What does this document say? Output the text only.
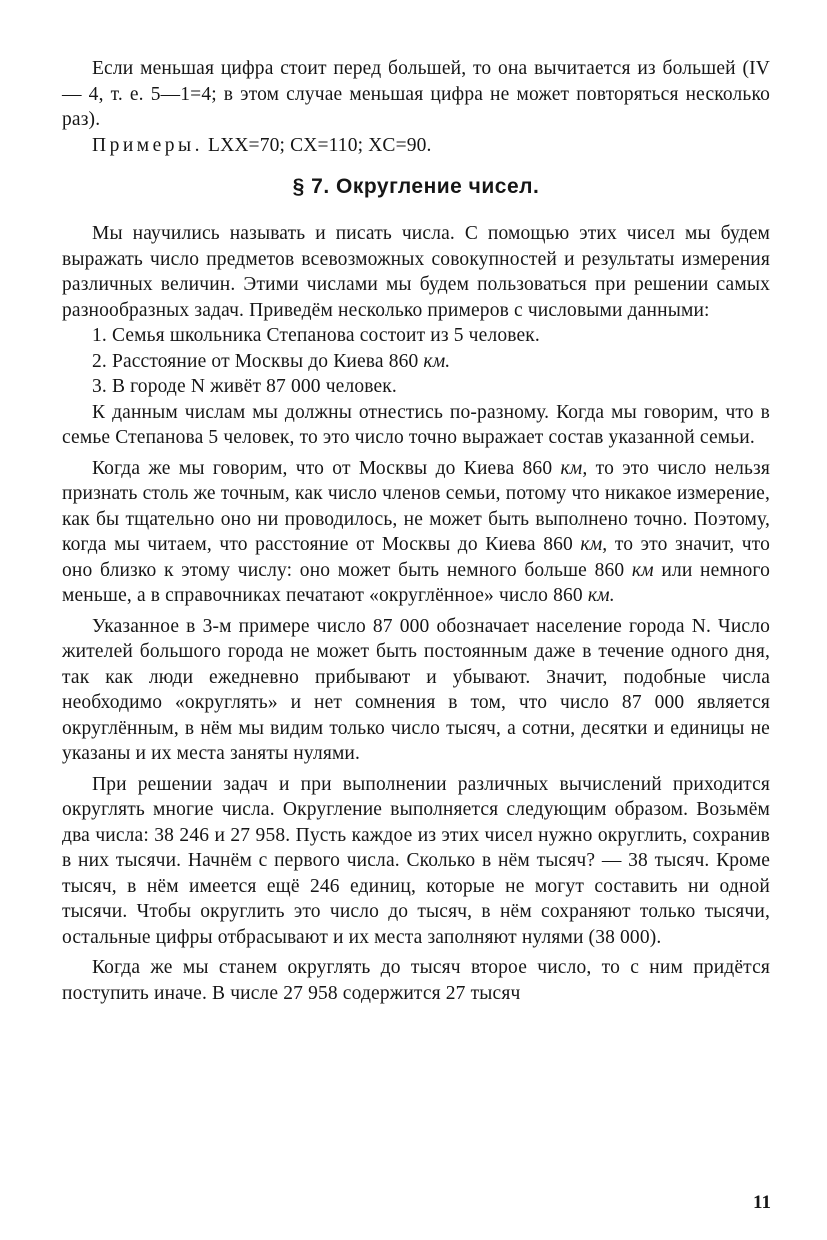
Если меньшая цифра стоит перед большей, то она вычитается из большей (IV — 4, т. е. 5—1=4; в этом случае меньшая цифра не может повторяться несколько раз).

Примеры. LXX=70; CX=110; XC=90.

§ 7. Округление чисел.

Мы научились называть и писать числа. С помощью этих чисел мы будем выражать число предметов всевозможных совокупностей и результаты измерения различных величин. Этими числами мы будем пользоваться при решении самых разнообразных задач. Приведём несколько примеров с числовыми данными:

1. Семья школьника Степанова состоит из 5 человек.

2. Расстояние от Москвы до Киева 860 км.

3. В городе N живёт 87 000 человек.

К данным числам мы должны отнестись по-разному. Когда мы говорим, что в семье Степанова 5 человек, то это число точно выражает состав указанной семьи.

Когда же мы говорим, что от Москвы до Киева 860 км, то это число нельзя признать столь же точным, как число членов семьи, потому что никакое измерение, как бы тщательно оно ни проводилось, не может быть выполнено точно. Поэтому, когда мы читаем, что расстояние от Москвы до Киева 860 км, то это значит, что оно близко к этому числу: оно может быть немного больше 860 км или немного меньше, а в справочниках печатают «округлённое» число 860 км.

Указанное в 3-м примере число 87 000 обозначает население города N. Число жителей большого города не может быть постоянным даже в течение одного дня, так как люди ежедневно прибывают и убывают. Значит, подобные числа необходимо «округлять» и нет сомнения в том, что число 87 000 является округлённым, в нём мы видим только число тысяч, а сотни, десятки и единицы не указаны и их места заняты нулями.

При решении задач и при выполнении различных вычислений приходится округлять многие числа. Округление выполняется следующим образом. Возьмём два числа: 38 246 и 27 958. Пусть каждое из этих чисел нужно округлить, сохранив в них тысячи. Начнём с первого числа. Сколько в нём тысяч? — 38 тысяч. Кроме тысяч, в нём имеется ещё 246 единиц, которые не могут составить ни одной тысячи. Чтобы округлить это число до тысяч, в нём сохраняют только тысячи, остальные цифры отбрасывают и их места заполняют нулями (38 000).

Когда же мы станем округлять до тысяч второе число, то с ним придётся поступить иначе. В числе 27 958 содержится 27 тысяч

11
